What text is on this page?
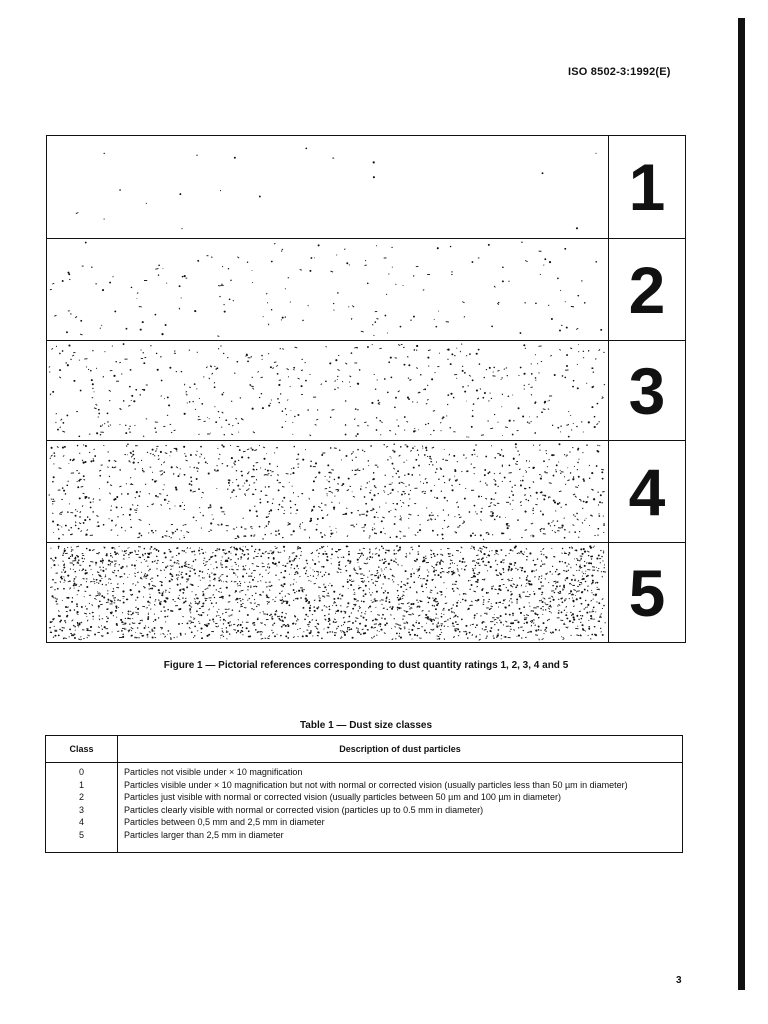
ISO 8502-3:1992(E)
1
2
3
4
5
Figure 1 — Pictorial references corresponding to dust quantity ratings 1, 2, 3, 4 and 5
Table 1 — Dust size classes
Class	Description of dust particles
0	Particles not visible under × 10 magnification
1	Particles visible under × 10 magnification but not with normal or corrected vision (usually particles less than 50 µm in diameter)
2	Particles just visible with normal or corrected vision (usually particles between 50 µm and 100 µm in diameter)
3	Particles clearly visible with normal or corrected vision (particles up to 0.5 mm in diameter)
4	Particles between 0,5 mm and 2,5 mm in diameter
5	Particles larger than 2,5 mm in diameter
3
